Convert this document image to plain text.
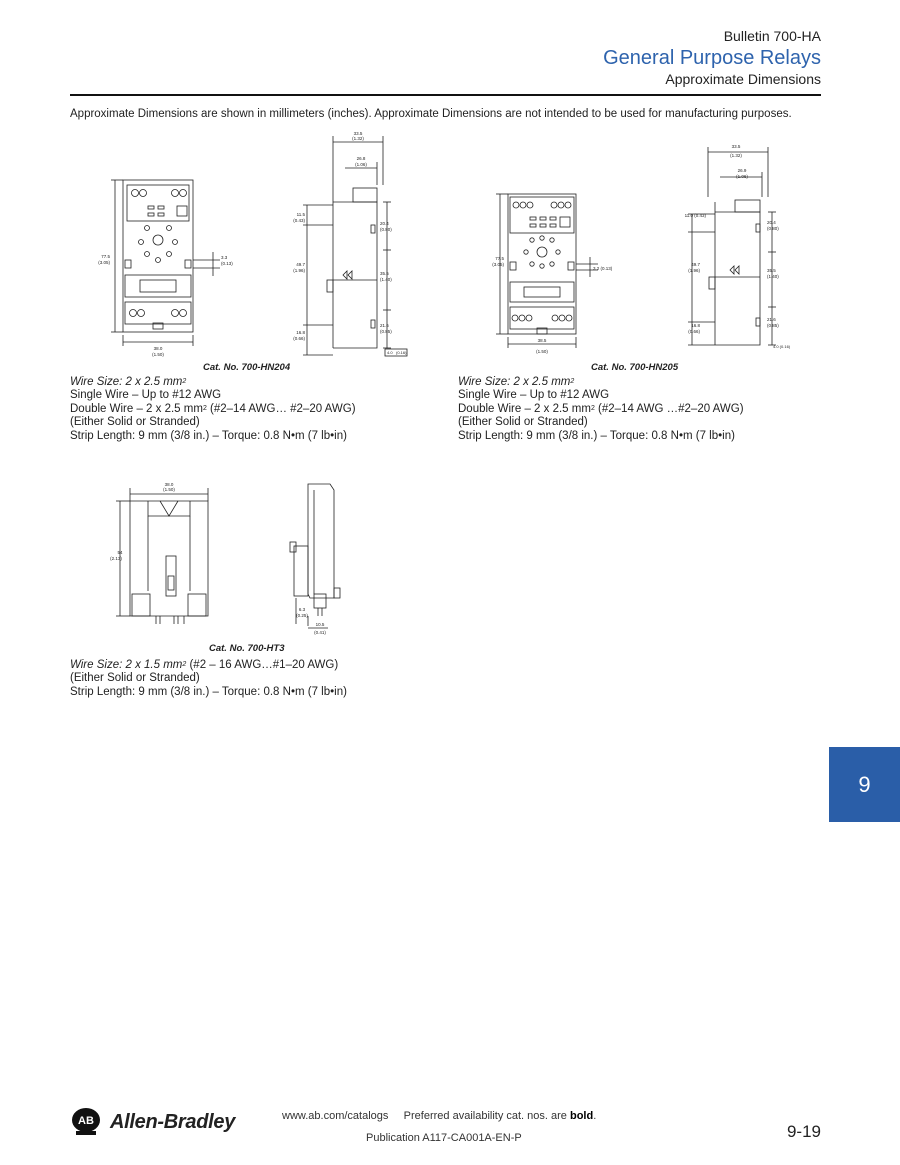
Bulletin 700-HA
General Purpose Relays
Approximate Dimensions
Approximate Dimensions are shown in millimeters (inches). Approximate Dimensions are not intended to be used for manufacturing purposes.
77.5
(3.05)
38.0
(1.50)
3.3
(0.13)
33.5
(1.32)
26.8
(1.06)
11.5
(0.43)
49.7
(1.96)
16.8
(0.66)
20.4
(0.80)
35.5
(1.40)
21.6
(0.85)
4.0 (0.16)
77.5
(3.05)
38.5
(1.50)
3.2 (0.13)
33.5
(1.32)
26.9
(1.06)
11.0 (0.43)
49.7
(1.96)
16.8
(0.66)
20.4
(0.80)
35.5
(1.40)
21.6
(0.85)
4.0 (0.16)
Cat. No. 700-HN204
Wire Size: 2 x 2.5 $mm^2$
Single Wire – Up to #12 AWG
Double Wire – 2 x 2.5 $mm^2$ (#2–14 AWG… #2–20 AWG)
(Either Solid or Stranded)
Strip Length: 9 mm (3/8 in.) – Torque: 0.8 N•m (7 lb•in)
Cat. No. 700-HN205
Wire Size: 2 x 2.5 $mm^2$
Single Wire – Up to #12 AWG
Double Wire – 2 x 2.5 $mm^2$ (#2–14 AWG …#2–20 AWG)
(Either Solid or Stranded)
Strip Length: 9 mm (3/8 in.) – Torque: 0.8 N•m (7 lb•in)
38.0
(1.50)
54
(2.13)
6.3
(0.25)
10.5
(0.41)
Cat. No. 700-HT3
Wire Size: 2 x 1.5 $mm^2$ (#2 – 16 AWG…#1–20 AWG)
(Either Solid or Stranded)
Strip Length: 9 mm (3/8 in.) – Torque: 0.8 N•m (7 lb•in)
9
AB Allen-Bradley	www.ab.com/catalogs Preferred availability cat. nos. are bold.
Publication A117-CA001A-EN-P	9-19
